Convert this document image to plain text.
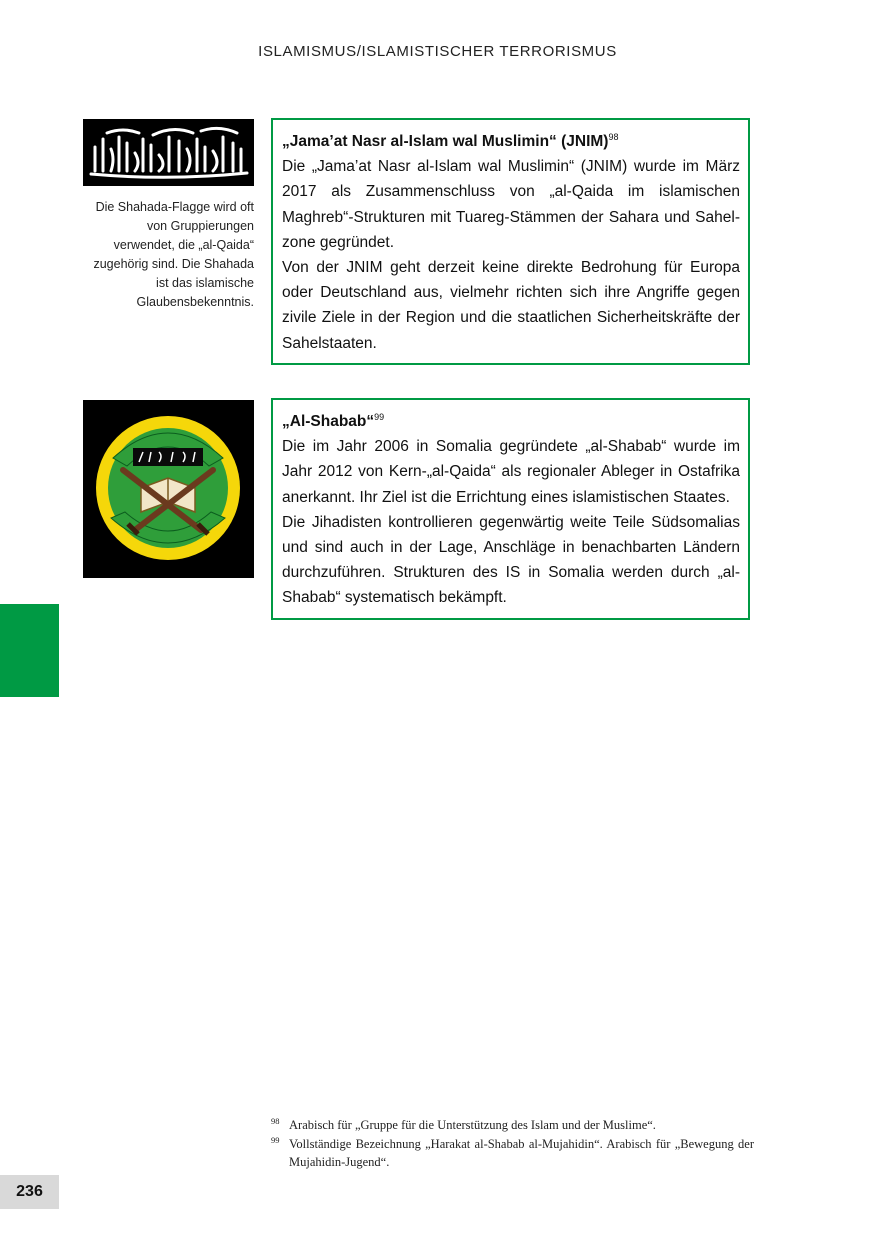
ISLAMISMUS/ISLAMISTISCHER TERRORISMUS
Die Shahada-Flagge wird oft von Gruppierungen verwendet, die „al-Qaida“ zugehörig sind. Die Shahada ist das islamische Glaubensbekenntnis.
„Jama’at Nasr al-Islam wal Muslimin“ (JNIM)$^{98}$
Die „Jama’at Nasr al-Islam wal Muslimin“ (JNIM) wurde im März 2017 als Zusammenschluss von „al-Qaida im islamischen Maghreb“-Strukturen mit Tuareg-Stämmen der Sahara und Sahelzone gegründet.
Von der JNIM geht derzeit keine direkte Bedrohung für Europa oder Deutschland aus, vielmehr richten sich ihre Angriffe gegen zivile Ziele in der Region und die staatlichen Sicherheitskräfte der Sahelstaaten.
„Al-Shabab“$^{99}$
Die im Jahr 2006 in Somalia gegründete „al-Shabab“ wurde im Jahr 2012 von Kern-„al-Qaida“ als regionaler Ableger in Ostafrika anerkannt. Ihr Ziel ist die Errichtung eines islamistischen Staates.
Die Jihadisten kontrollieren gegenwärtig weite Teile Südsomalias und sind auch in der Lage, Anschläge in benachbarten Ländern durchzuführen. Strukturen des IS in Somalia werden durch „al-Shabab“ systematisch bekämpft.
98 Arabisch für „Gruppe für die Unterstützung des Islam und der Muslime“.
99 Vollständige Bezeichnung „Harakat al-Shabab al-Mujahidin“. Arabisch für „Bewegung der Mujahidin-Jugend“.
236
